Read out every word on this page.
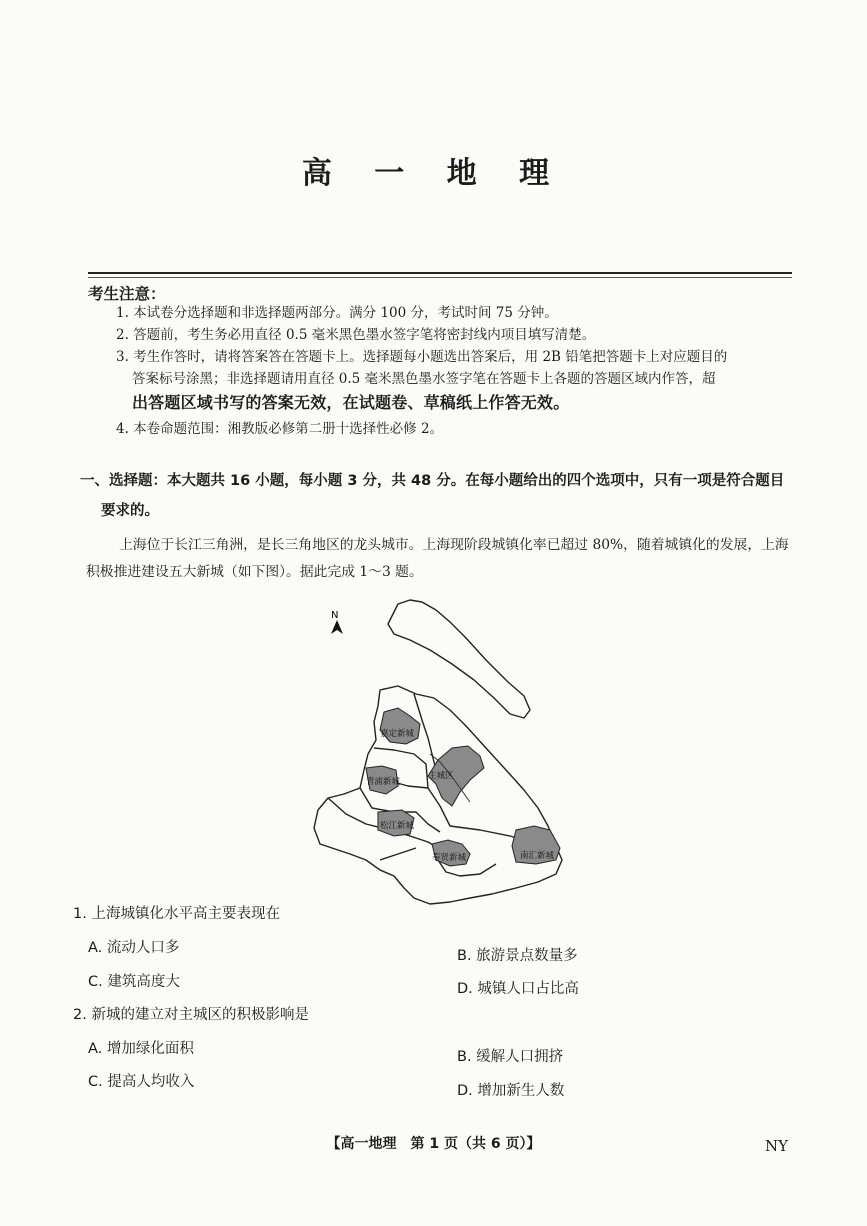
高 一 地 理
考生注意：
1. 本试卷分选择题和非选择题两部分。满分 100 分，考试时间 75 分钟。
2. 答题前，考生务必用直径 0.5 毫米黑色墨水签字笔将密封线内项目填写清楚。
3. 考生作答时，请将答案答在答题卡上。选择题每小题选出答案后，用 2B 铅笔把答题卡上对应题目的
答案标号涂黑；非选择题请用直径 0.5 毫米黑色墨水签字笔在答题卡上各题的答题区域内作答，超
出答题区域书写的答案无效，在试题卷、草稿纸上作答无效。
4. 本卷命题范围：湘教版必修第二册十选择性必修 2。
一、选择题：本大题共 16 小题，每小题 3 分，共 48 分。在每小题给出的四个选项中，只有一项是符合题目
要求的。
上海位于长江三角洲，是长三角地区的龙头城市。上海现阶段城镇化率已超过 80%，随着城镇化的发展，上海积极推进建设五大新城（如下图）。据此完成 1～3 题。
N
嘉定新城
青浦新城
主城区
松江新城
奉贤新城	南汇新城
1. 上海城镇化水平高主要表现在
A. 流动人口多	B. 旅游景点数量多
C. 建筑高度大	D. 城镇人口占比高
2. 新城的建立对主城区的积极影响是
A. 增加绿化面积	B. 缓解人口拥挤
C. 提高人均收入
D. 增加新生人数
【高一地理　第 1 页（共 6 页）】	NY
